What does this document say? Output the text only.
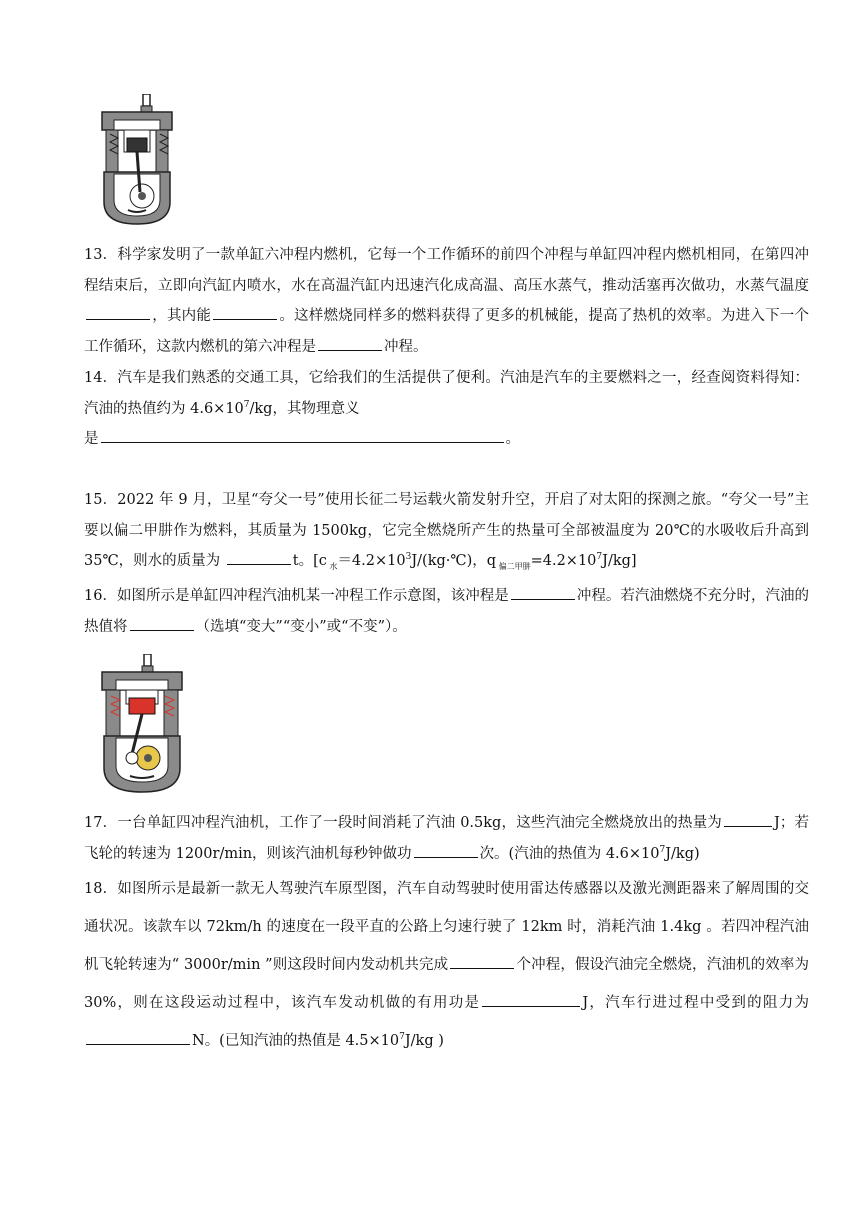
13．科学家发明了一款单缸六冲程内燃机，它每一个工作循环的前四个冲程与单缸四冲程内燃机相同，在第四冲程结束后，立即向汽缸内喷水，水在高温汽缸内迅速汽化成高温、高压水蒸气，推动活塞再次做功，水蒸气温度，其内能	。这样燃烧同样多的燃料获得了更多的机械能，提高了热机的效率。为进入下一个工作循环，这款内燃机的第六冲程是	冲程。
14．汽车是我们熟悉的交通工具，它给我们的生活提供了便利。汽油是汽车的主要燃料之一，经查阅资料得知：汽油的热值约为 $4.6\times 10^7/kg$，其物理意义
是	。
15．2022 年 9 月，卫星“夸父一号”使用长征二号运载火箭发射升空，开启了对太阳的探测之旅。“夸父一号”主要以偏二甲肼作为燃料，其质量为 1500kg，它完全燃烧所产生的热量可全部被温度为 20℃的水吸收后升高到 35℃，则水的质量为	t。[c $_水=4.2\times 10^3J/(kg\cdot℃)$，q $_{偏二甲肼}=4.2\times 10^7J/kg$]
16．如图所示是单缸四冲程汽油机某一冲程工作示意图，该冲程是	冲程。若汽油燃烧不充分时，汽油的热值将	（选填“变大”“变小”或“不变”）。
17．一台单缸四冲程汽油机，工作了一段时间消耗了汽油 0.5kg，这些汽油完全燃烧放出的热量为	J；若飞轮的转速为 1200r/min，则该汽油机每秒钟做功	次。(汽油的热值为 $4.6\times 10^7J/kg$)
18．如图所示是最新一款无人驾驶汽车原型图，汽车自动驾驶时使用雷达传感器以及激光测距器来了解周围的交通状况。该款车以 72km/h 的速度在一段平直的公路上匀速行驶了 12km 时，消耗汽油 1.4kg 。若四冲程汽油机飞轮转速为“ 3000r/min ”则这段时间内发动机共完成	个冲程，假设汽油完全燃烧，汽油机的效率为 30%，则在这段运动过程中，该汽车发动机做的有用功是	J，汽车行进过程中受到的阻力为N。(已知汽油的热值是 $4.5\times 10^7J/kg$ )
